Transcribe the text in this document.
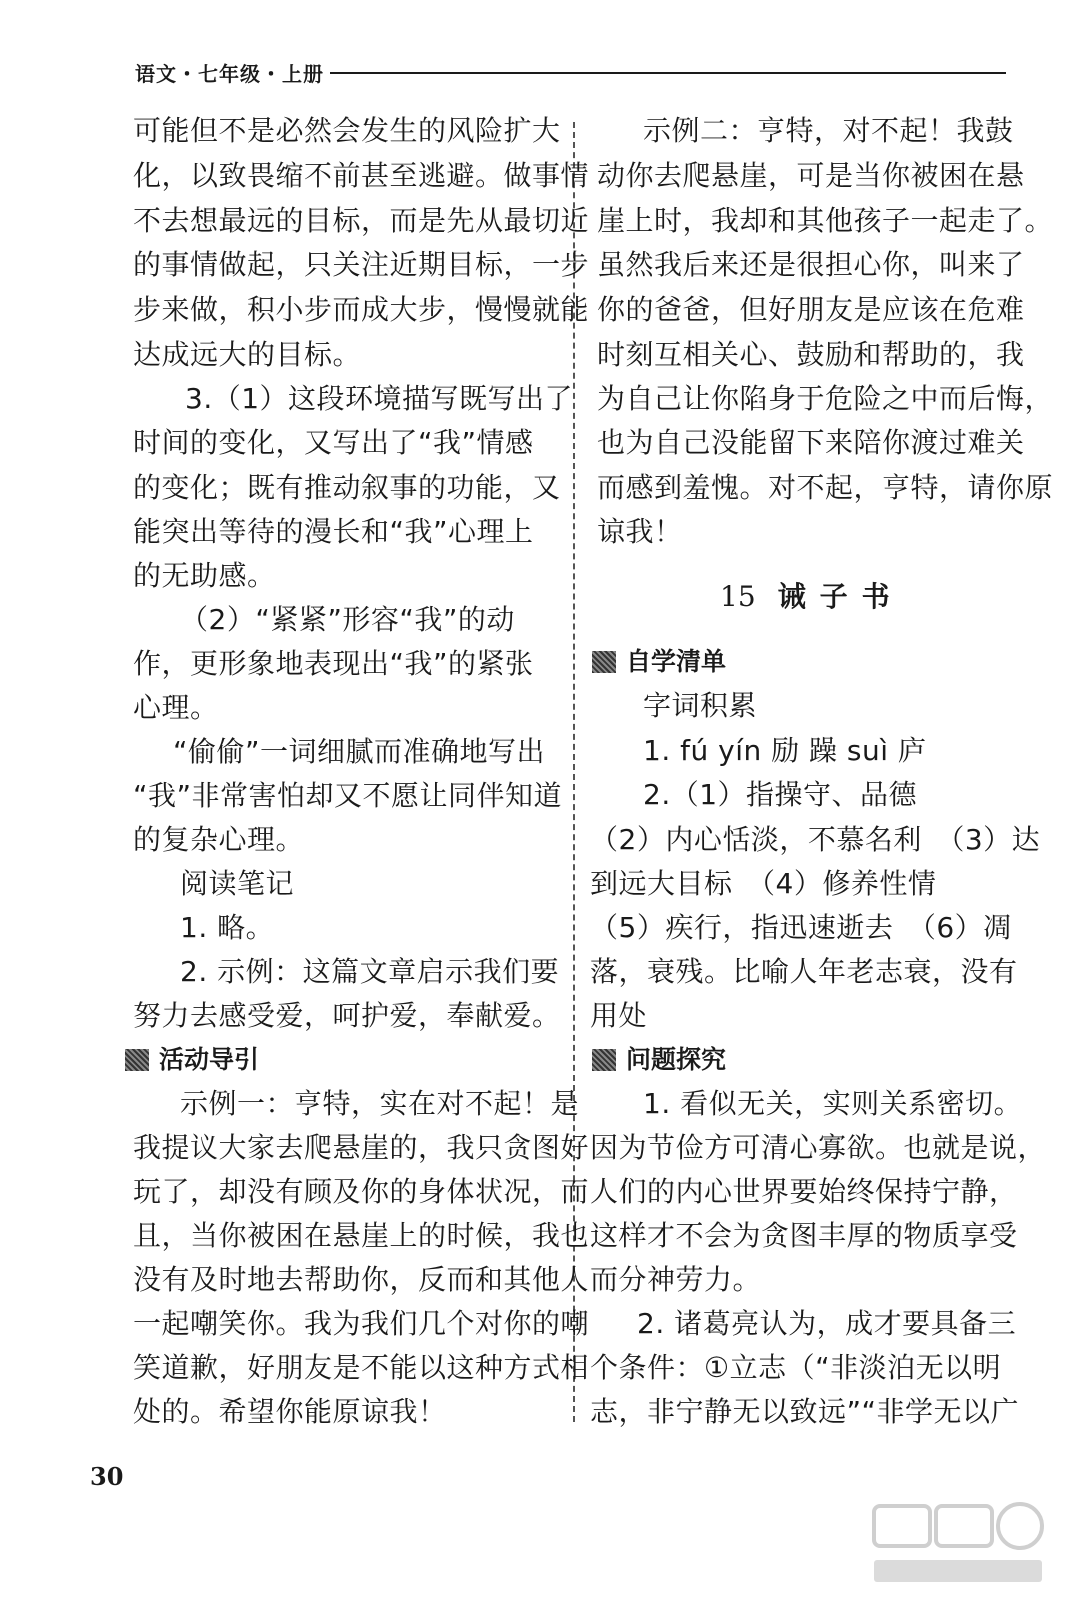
语文・七年级・上册
可能但不是必然会发生的风险扩大
化，以致畏缩不前甚至逃避。做事情
不去想最远的目标，而是先从最切近
的事情做起，只关注近期目标，一步
步来做，积小步而成大步，慢慢就能
达成远大的目标。
3.（1）这段环境描写既写出了
时间的变化，又写出了“我”情感
的变化；既有推动叙事的功能，又
能突出等待的漫长和“我”心理上
的无助感。
（2）“紧紧”形容“我”的动
作，更形象地表现出“我”的紧张
心理。
“偷偷”一词细腻而准确地写出
“我”非常害怕却又不愿让同伴知道
的复杂心理。
阅读笔记
1. 略。
2. 示例：这篇文章启示我们要
努力去感受爱，呵护爱，奉献爱。
活动导引
示例一：亨特，实在对不起！是
我提议大家去爬悬崖的，我只贪图好
玩了，却没有顾及你的身体状况，而
且，当你被困在悬崖上的时候，我也
没有及时地去帮助你，反而和其他人
一起嘲笑你。我为我们几个对你的嘲
笑道歉，好朋友是不能以这种方式相
处的。希望你能原谅我！
示例二：亨特，对不起！我鼓
动你去爬悬崖，可是当你被困在悬
崖上时，我却和其他孩子一起走了。
虽然我后来还是很担心你，叫来了
你的爸爸，但好朋友是应该在危难
时刻互相关心、鼓励和帮助的，我
为自己让你陷身于危险之中而后悔，
也为自己没能留下来陪你渡过难关
而感到羞愧。对不起，亨特，请你原
谅我！
15 诫子书
自学清单
字词积累
1. fú yín 励 躁 suì 庐
2.（1）指操守、品德
（2）内心恬淡，不慕名利　（3）达
到远大目标　（4）修养性情
（5）疾行，指迅速逝去　（6）凋
落，衰残。比喻人年老志衰，没有
用处
问题探究
1. 看似无关，实则关系密切。
因为节俭方可清心寡欲。也就是说，
人们的内心世界要始终保持宁静，
这样才不会为贪图丰厚的物质享受
而分神劳力。
2. 诸葛亮认为，成才要具备三
个条件：①立志（“非淡泊无以明
志，非宁静无以致远”“非学无以广
30
